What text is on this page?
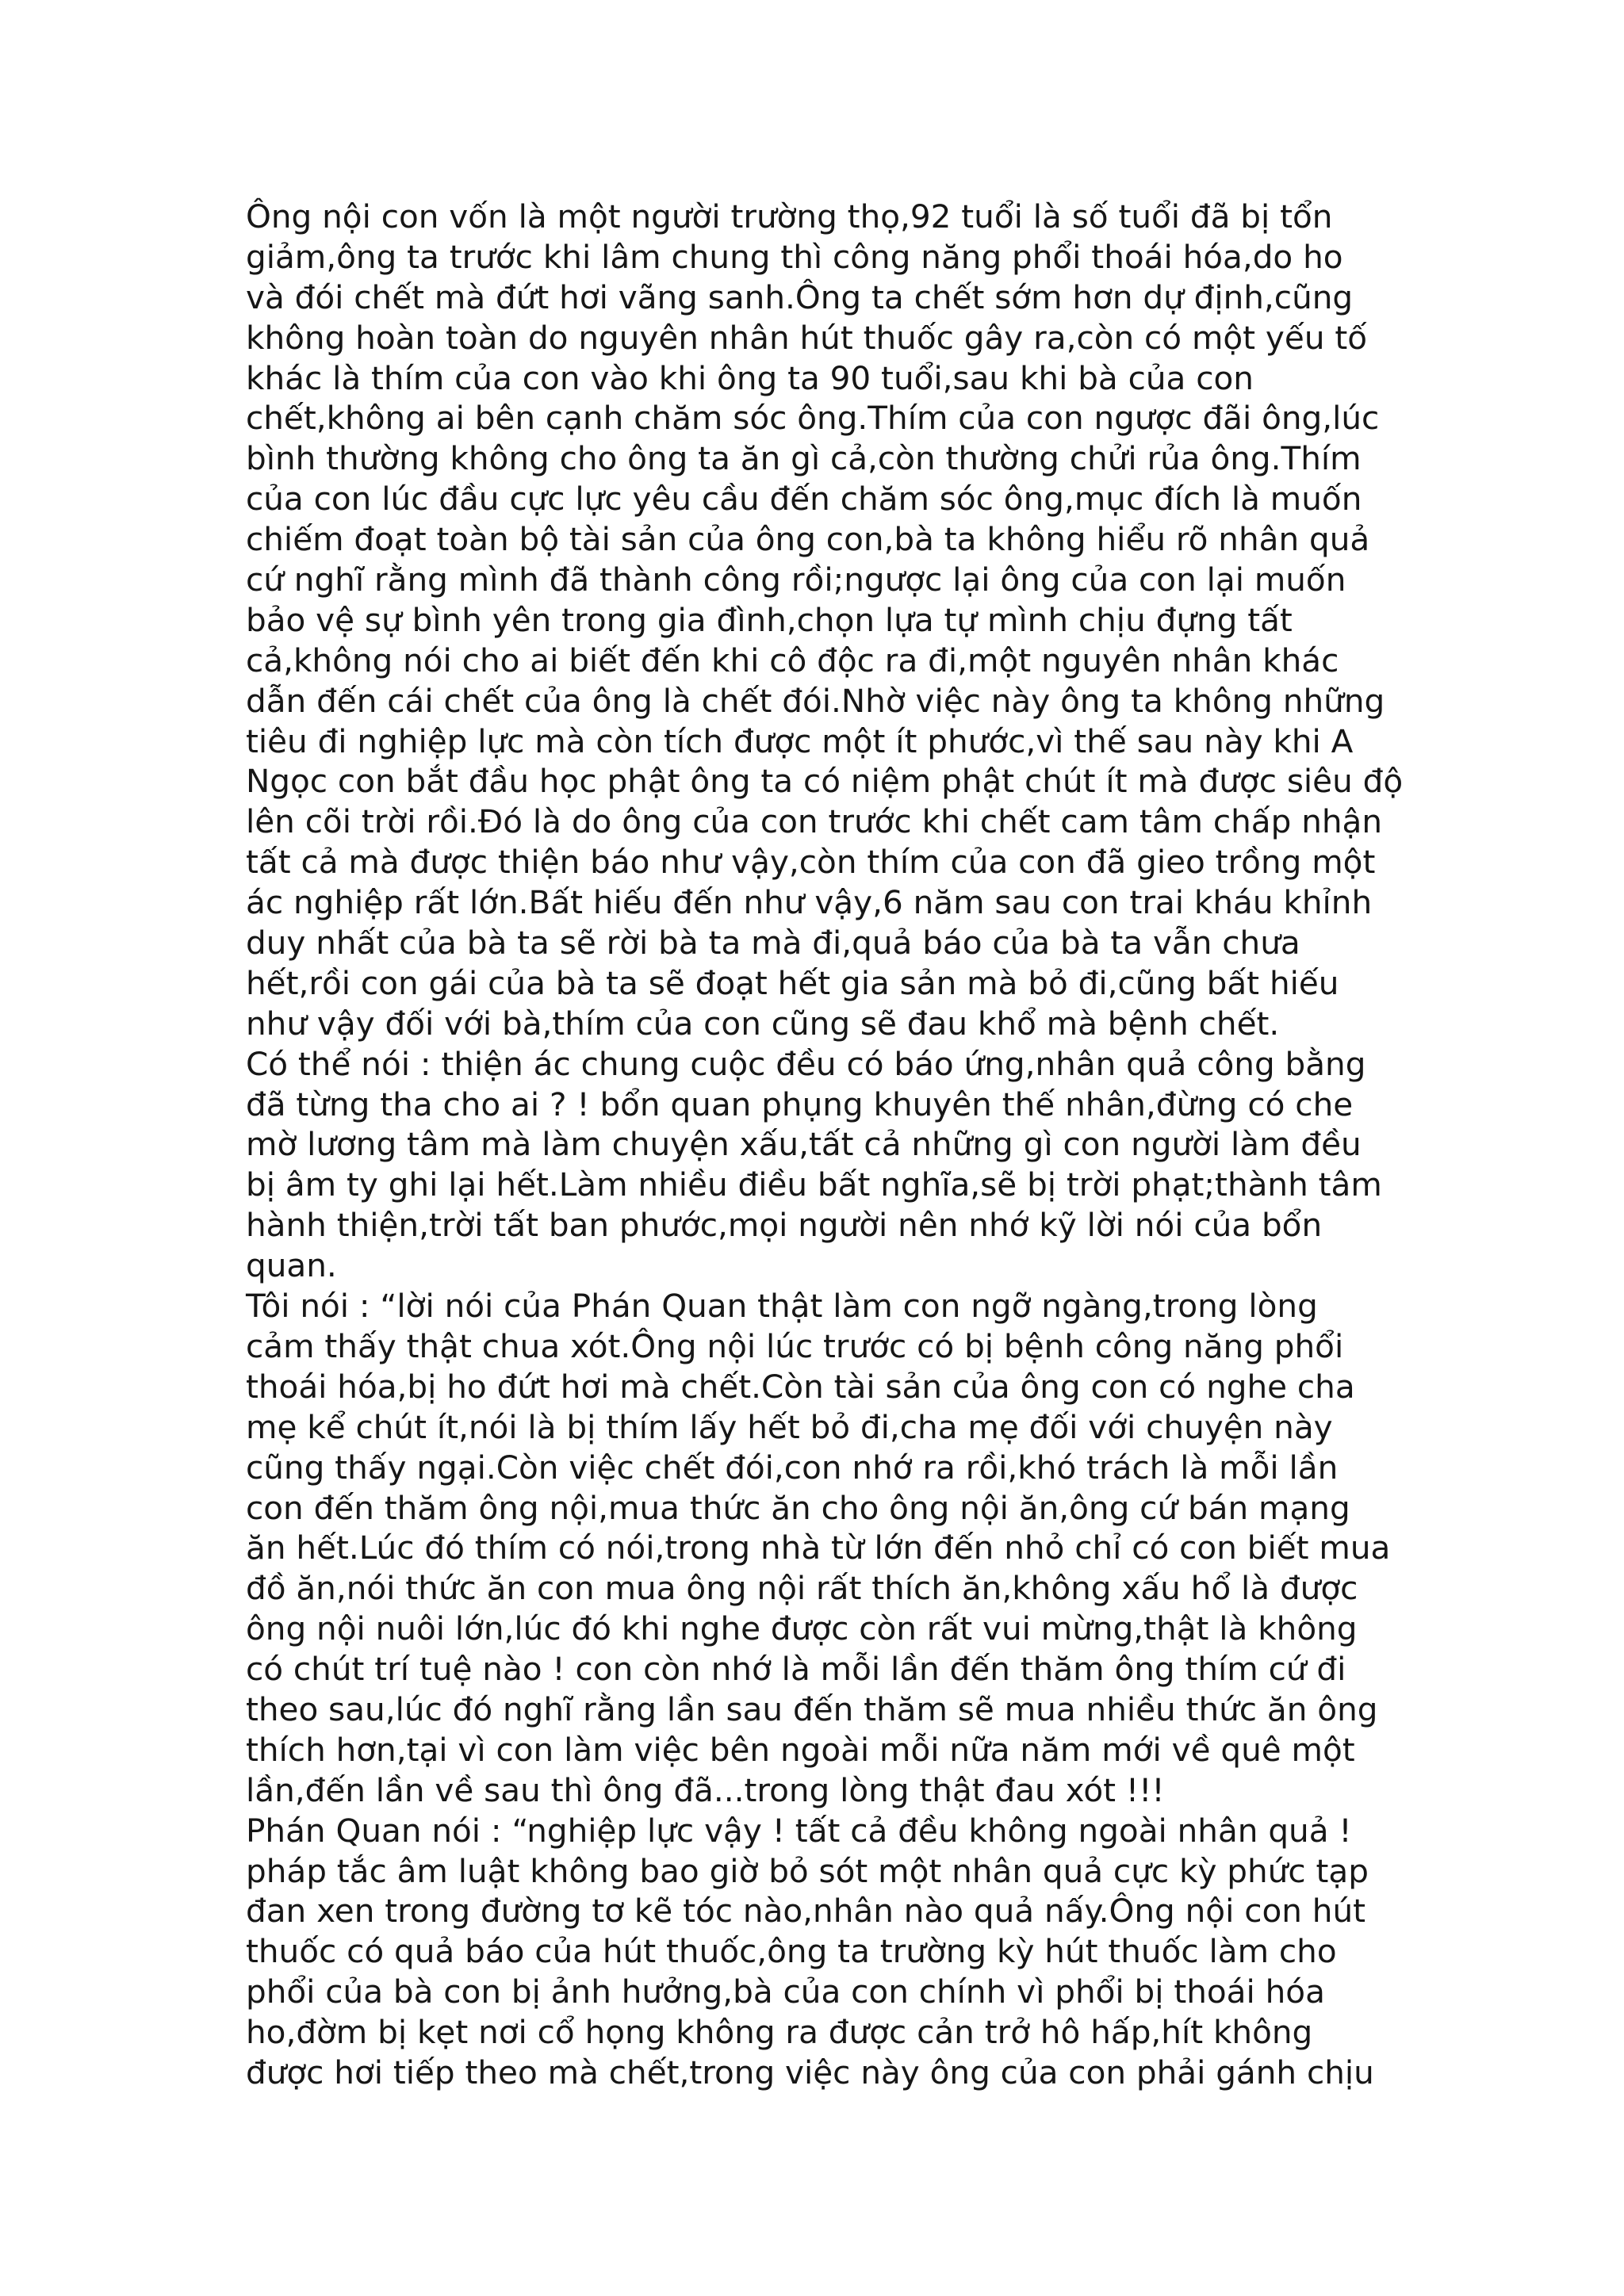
Ông nội con vốn là một người trường thọ,92 tuổi là số tuổi đã bị tổn
giảm,ông ta trước khi lâm chung thì công năng phổi thoái hóa,do ho
và đói chết mà đứt hơi vãng sanh.Ông ta chết sớm hơn dự định,cũng
không hoàn toàn do nguyên nhân hút thuốc gây ra,còn có một yếu tố
khác là thím của con vào khi ông ta 90 tuổi,sau khi bà của con
chết,không ai bên cạnh chăm sóc ông.Thím của con ngược đãi ông,lúc
bình thường không cho ông ta ăn gì cả,còn thường chửi rủa ông.Thím
của con lúc đầu cực lực yêu cầu đến chăm sóc ông,mục đích là muốn
chiếm đoạt toàn bộ tài sản của ông con,bà ta không hiểu rõ nhân quả
cứ nghĩ rằng mình đã thành công rồi;ngược lại ông của con lại muốn
bảo vệ sự bình yên trong gia đình,chọn lựa tự mình chịu đựng tất
cả,không nói cho ai biết đến khi cô độc ra đi,một nguyên nhân khác
dẫn đến cái chết của ông là chết đói.Nhờ việc này ông ta không những
tiêu đi nghiệp lực mà còn tích được một ít phước,vì thế sau này khi A
Ngọc con bắt đầu học phật ông ta có niệm phật chút ít mà được siêu độ
lên cõi trời rồi.Đó là do ông của con trước khi chết cam tâm chấp nhận
tất cả mà được thiện báo như vậy,còn thím của con đã gieo trồng một
ác nghiệp rất lớn.Bất hiếu đến như vậy,6 năm sau con trai kháu khỉnh
duy nhất của bà ta sẽ rời bà ta mà đi,quả báo của bà ta vẫn chưa
hết,rồi con gái của bà ta sẽ đoạt hết gia sản mà bỏ đi,cũng bất hiếu
như vậy đối với bà,thím của con cũng sẽ đau khổ mà bệnh chết.
Có thể nói : thiện ác chung cuộc đều có báo ứng,nhân quả công bằng
đã từng tha cho ai ? ! bổn quan phụng khuyên thế nhân,đừng có che
mờ lương tâm mà làm chuyện xấu,tất cả những gì con người làm đều
bị âm ty ghi lại hết.Làm nhiều điều bất nghĩa,sẽ bị trời phạt;thành tâm
hành thiện,trời tất ban phước,mọi người nên nhớ kỹ lời nói của bổn
quan.
Tôi nói : “lời nói của Phán Quan thật làm con ngỡ ngàng,trong lòng
cảm thấy thật chua xót.Ông nội lúc trước có bị bệnh công năng phổi
thoái hóa,bị ho đứt hơi mà chết.Còn tài sản của ông con có nghe cha
mẹ kể chút ít,nói là bị thím lấy hết bỏ đi,cha mẹ đối với chuyện này
cũng thấy ngại.Còn việc chết đói,con nhớ ra rồi,khó trách là mỗi lần
con đến thăm ông nội,mua thức ăn cho ông nội ăn,ông cứ bán mạng
ăn hết.Lúc đó thím có nói,trong nhà từ lớn đến nhỏ chỉ có con biết mua
đồ ăn,nói thức ăn con mua ông nội rất thích ăn,không xấu hổ là được
ông nội nuôi lớn,lúc đó khi nghe được còn rất vui mừng,thật là không
có chút trí tuệ nào ! con còn nhớ là mỗi lần đến thăm ông thím cứ đi
theo sau,lúc đó nghĩ rằng lần sau đến thăm sẽ mua nhiều thức ăn ông
thích hơn,tại vì con làm việc bên ngoài mỗi nữa năm mới về quê một
lần,đến lần về sau thì ông đã...trong lòng thật đau xót !!!
Phán Quan nói : “nghiệp lực vậy ! tất cả đều không ngoài nhân quả !
pháp tắc âm luật không bao giờ bỏ sót một nhân quả cực kỳ phức tạp
đan xen trong đường tơ kẽ tóc nào,nhân nào quả nấy.Ông nội con hút
thuốc có quả báo của hút thuốc,ông ta trường kỳ hút thuốc làm cho
phổi của bà con bị ảnh hưởng,bà của con chính vì phổi bị thoái hóa
ho,đờm bị kẹt nơi cổ họng không ra được cản trở hô hấp,hít không
được hơi tiếp theo mà chết,trong việc này ông của con phải gánh chịu
